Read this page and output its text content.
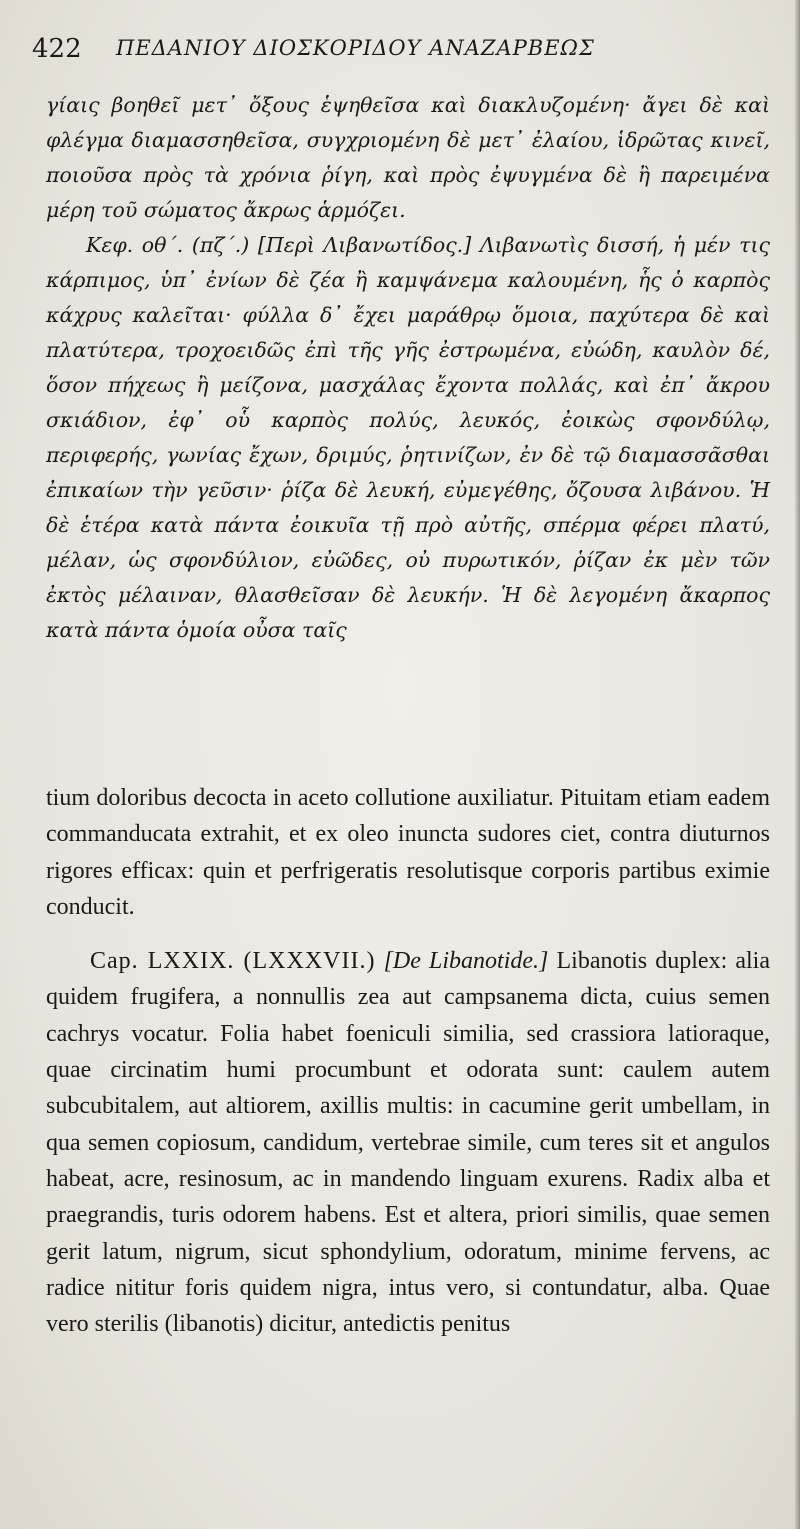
422 ΠΕΔΑΝΙΟΥ ΔΙΟΣΚΟΡΙΔΟΥ ΑΝΑΖΑΡΒΕΩΣ

γίαις βοηθεῖ μετ᾽ ὄξους ἑψηθεῖσα καὶ διακλυζομένη· ἄγει δὲ καὶ φλέγμα διαμασσηθεῖσα, συγχριομένη δὲ μετ᾽ ἐλαίου, ἱδρῶτας κινεῖ, ποιοῦσα πρὸς τὰ χρόνια ῥίγη, καὶ πρὸς ἐψυγμένα δὲ ἢ παρειμένα μέρη τοῦ σώματος ἄκρως ἁρμόζει.

Κεφ. οθ΄. (πζ΄.) [Περὶ Λιβανωτίδος.] Λιβανωτὶς δισσή, ἡ μέν τις κάρπιμος, ὑπ᾽ ἐνίων δὲ ζέα ἢ καμψάνεμα καλουμένη, ἧς ὁ καρπὸς κάχρυς καλεῖται· φύλλα δ᾽ ἔχει μαράθρῳ ὅμοια, παχύτερα δὲ καὶ πλατύτερα, τροχοειδῶς ἐπὶ τῆς γῆς ἐστρωμένα, εὐώδη, καυλὸν δέ, ὅσον πήχεως ἢ μείζονα, μασχάλας ἔχοντα πολλάς, καὶ ἐπ᾽ ἄκρου σκιάδιον, ἐφ᾽ οὗ καρπὸς πολύς, λευκός, ἐοικὼς σφονδύλῳ, περιφερής, γωνίας ἔχων, δριμύς, ῥητινίζων, ἐν δὲ τῷ διαμασσᾶσθαι ἐπικαίων τὴν γεῦσιν· ῥίζα δὲ λευκή, εὐμεγέθης, ὄζουσα λιβάνου. Ἡ δὲ ἑτέρα κατὰ πάντα ἐοικυῖα τῇ πρὸ αὐτῆς, σπέρμα φέρει πλατύ, μέλαν, ὡς σφονδύλιον, εὐῶδες, οὐ πυρωτικόν, ῥίζαν ἐκ μὲν τῶν ἐκτὸς μέλαιναν, θλασθεῖσαν δὲ λευκήν. Ἡ δὲ λεγομένη ἄκαρπος κατὰ πάντα ὁμοία οὖσα ταῖς

tium doloribus decocta in aceto collutione auxiliatur. Pituitam etiam eadem commanducata extrahit, et ex oleo inuncta sudores ciet, contra diuturnos rigores efficax: quin et perfrigeratis resolutisque corporis partibus eximie conducit.

Cap. LXXIX. (LXXXVII.) [De Libanotide.] Libanotis duplex: alia quidem frugifera, a nonnullis zea aut campsanema dicta, cuius semen cachrys vocatur. Folia habet foeniculi similia, sed crassiora latioraque, quae circinatim humi procumbunt et odorata sunt: caulem autem subcubitalem, aut altiorem, axillis multis: in cacumine gerit umbellam, in qua semen copiosum, candidum, vertebrae simile, cum teres sit et angulos habeat, acre, resinosum, ac in mandendo linguam exurens. Radix alba et praegrandis, turis odorem habens. Est et altera, priori similis, quae semen gerit latum, nigrum, sicut sphondylium, odoratum, minime fervens, ac radice nititur foris quidem nigra, intus vero, si contundatur, alba. Quae vero sterilis (libanotis) dicitur, antedictis penitus
